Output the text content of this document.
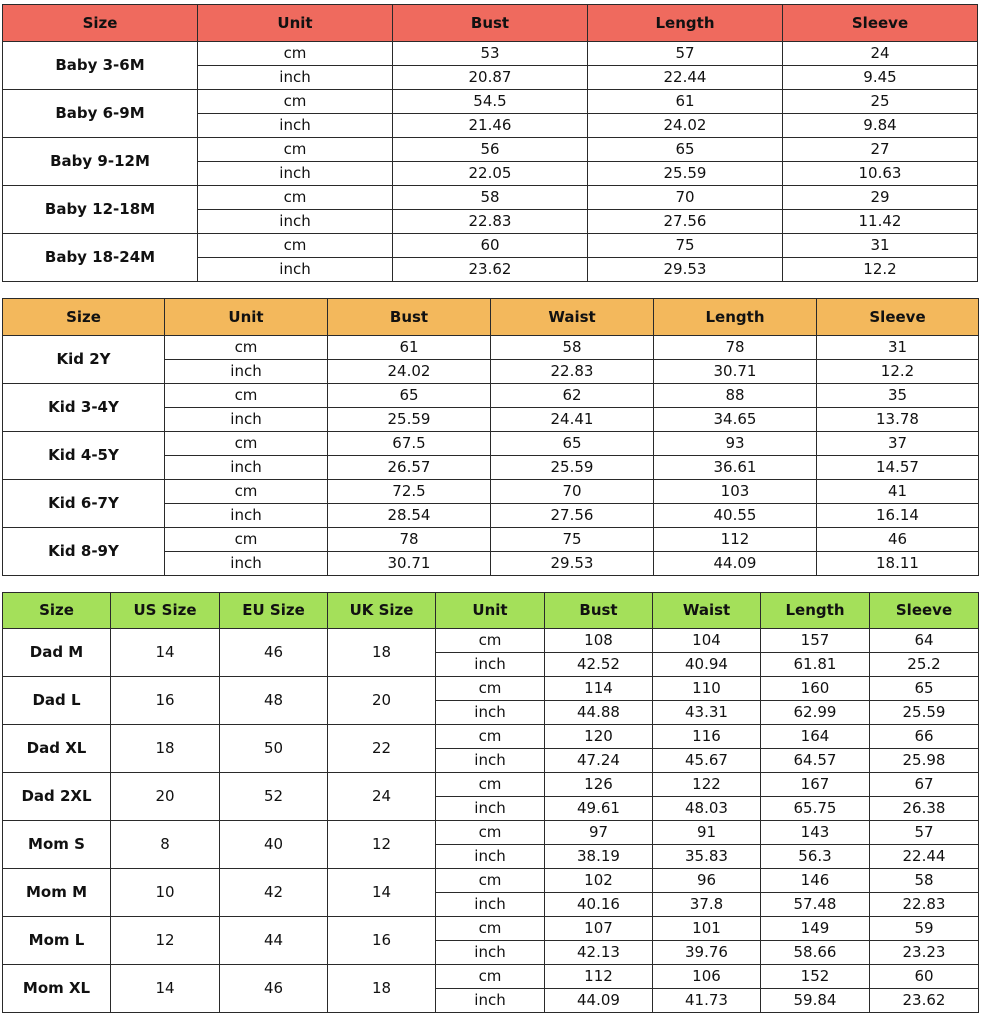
Size	Unit	Bust	Length	Sleeve
Baby 3-6M	cm	53	57	24
	inch	20.87	22.44	9.45
Baby 6-9M	cm	54.5	61	25
	inch	21.46	24.02	9.84
Baby 9-12M	cm	56	65	27
	inch	22.05	25.59	10.63
Baby 12-18M	cm	58	70	29
	inch	22.83	27.56	11.42
Baby 18-24M	cm	60	75	31
	inch	23.62	29.53	12.2
Size	Unit	Bust	Waist	Length	Sleeve
Kid 2Y	cm	61	58	78	31
	inch	24.02	22.83	30.71	12.2
Kid 3-4Y	cm	65	62	88	35
	inch	25.59	24.41	34.65	13.78
Kid 4-5Y	cm	67.5	65	93	37
	inch	26.57	25.59	36.61	14.57
Kid 6-7Y	cm	72.5	70	103	41
	inch	28.54	27.56	40.55	16.14
Kid 8-9Y	cm	78	75	112	46
	inch	30.71	29.53	44.09	18.11
Size	US Size	EU Size	UK Size	Unit	Bust	Waist	Length	Sleeve
Dad M	14	46	18	cm	108	104	157	64
				inch	42.52	40.94	61.81	25.2
Dad L	16	48	20	cm	114	110	160	65
				inch	44.88	43.31	62.99	25.59
Dad XL	18	50	22	cm	120	116	164	66
				inch	47.24	45.67	64.57	25.98
Dad 2XL	20	52	24	cm	126	122	167	67
				inch	49.61	48.03	65.75	26.38
Mom S	8	40	12	cm	97	91	143	57
				inch	38.19	35.83	56.3	22.44
Mom M	10	42	14	cm	102	96	146	58
				inch	40.16	37.8	57.48	22.83
Mom L	12	44	16	cm	107	101	149	59
				inch	42.13	39.76	58.66	23.23
Mom XL	14	46	18	cm	112	106	152	60
				inch	44.09	41.73	59.84	23.62
